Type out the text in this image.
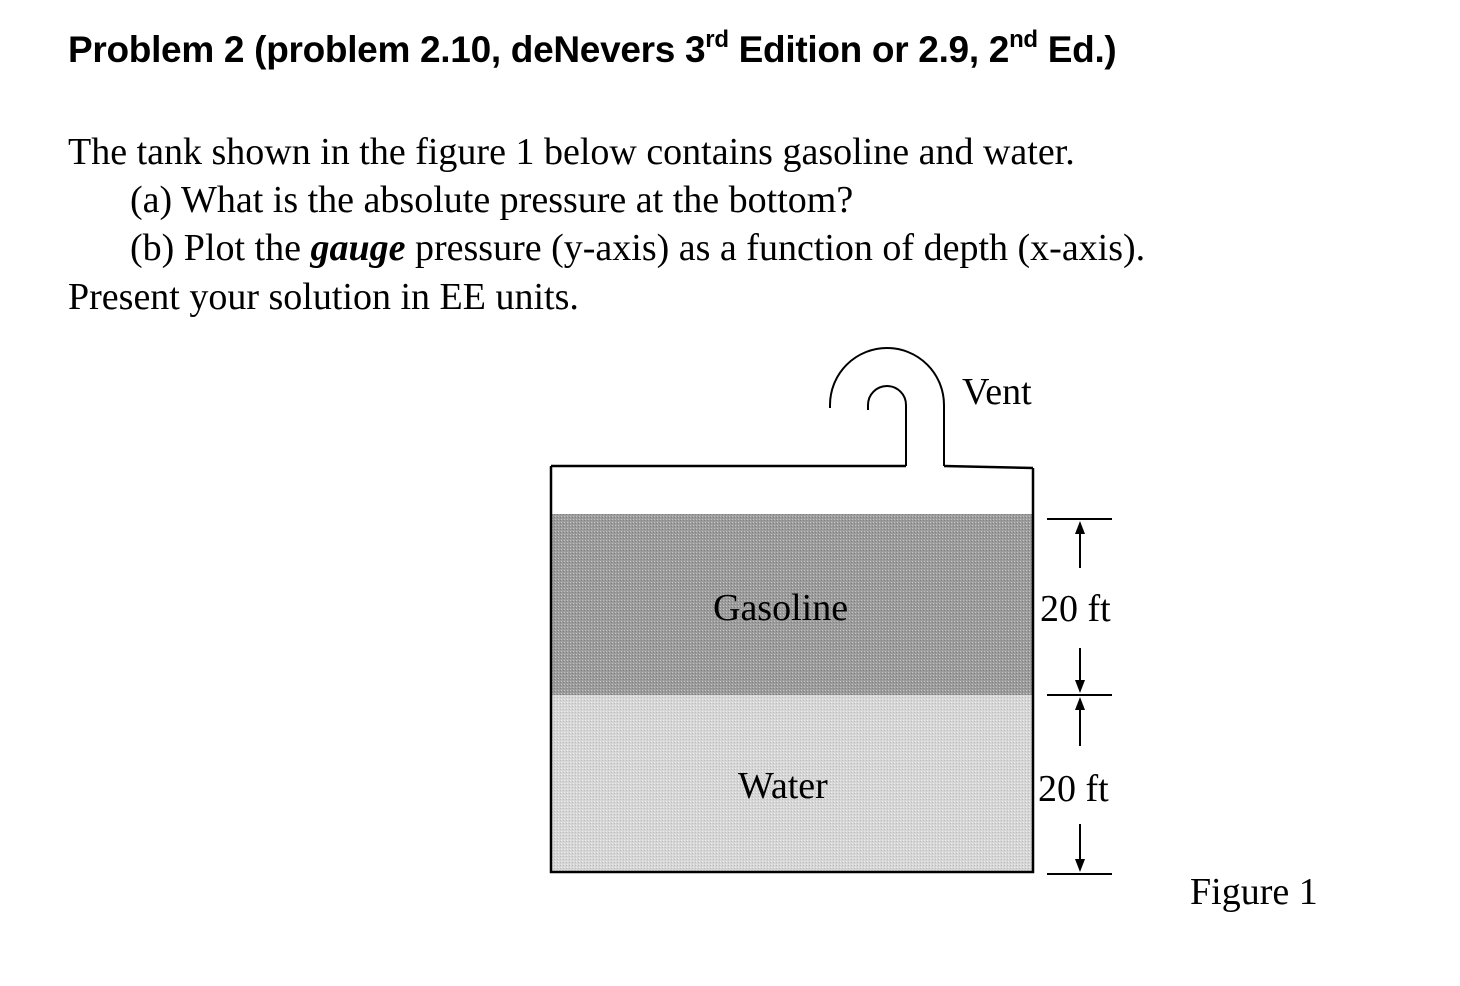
Problem 2 (problem 2.10, deNevers 3rd Edition or 2.9, 2nd Ed.)
The tank shown in the figure 1 below contains gasoline and water.
(a) What is the absolute pressure at the bottom?
(b) Plot the gauge pressure (y-axis) as a function of depth (x-axis).
Present your solution in EE units.
Vent
Gasoline
Water
20 ft
20 ft
Figure 1
